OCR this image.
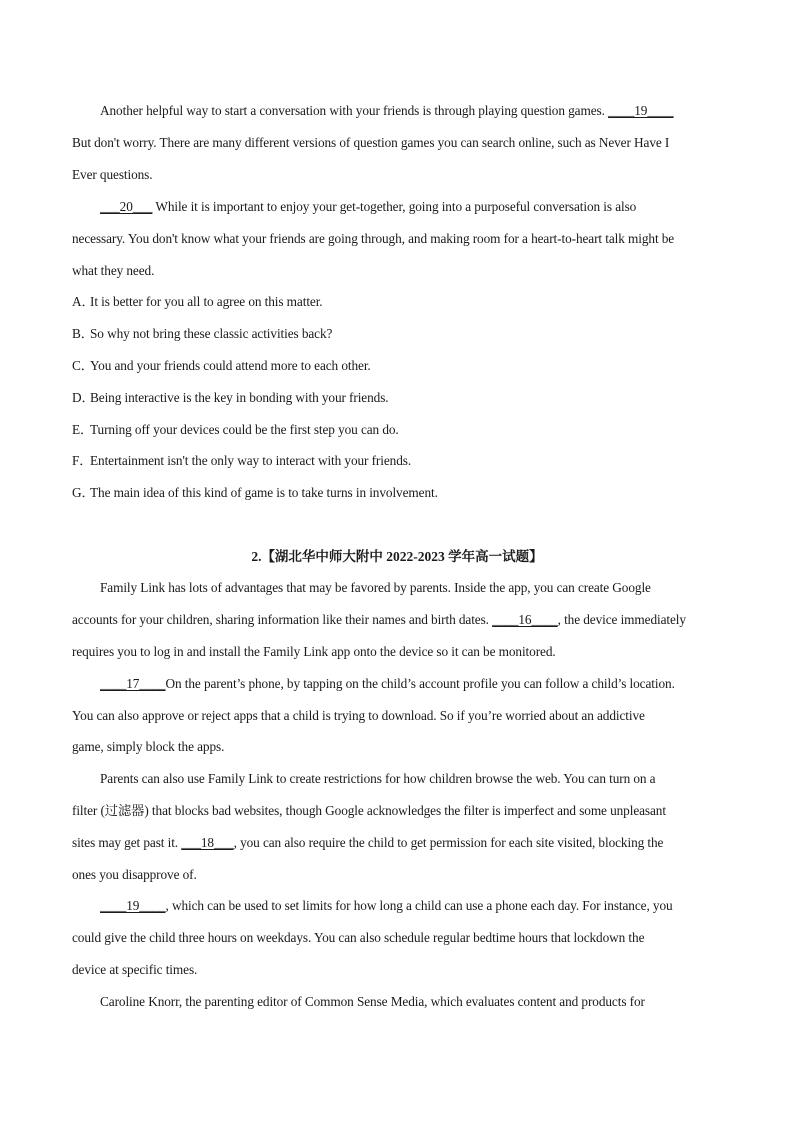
Another helpful way to start a conversation with your friends is through playing question games. ____19____
But don't worry. There are many different versions of question games you can search online, such as Never Have I
Ever questions.
___20___ While it is important to enjoy your get-together, going into a purposeful conversation is also
necessary. You don't know what your friends are going through, and making room for a heart-to-heart talk might be
what they need.
A．It is better for you all to agree on this matter.
B．So why not bring these classic activities back?
C．You and your friends could attend more to each other.
D．Being interactive is the key in bonding with your friends.
E．Turning off your devices could be the first step you can do.
F．Entertainment isn't the only way to interact with your friends.
G．The main idea of this kind of game is to take turns in involvement.
2.【湖北华中师大附中 2022-2023 学年高一试题】
Family Link has lots of advantages that may be favored by parents. Inside the app, you can create Google
accounts for your children, sharing information like their names and birth dates. ____16____, the device immediately
requires you to log in and install the Family Link app onto the device so it can be monitored.
____17____On the parent’s phone, by tapping on the child’s account profile you can follow a child’s location.
You can also approve or reject apps that a child is trying to download. So if you’re worried about an addictive
game, simply block the apps.
Parents can also use Family Link to create restrictions for how children browse the web. You can turn on a
filter (过滤器) that blocks bad websites, though Google acknowledges the filter is imperfect and some unpleasant
sites may get past it. ___18___, you can also require the child to get permission for each site visited, blocking the
ones you disapprove of.
____19____, which can be used to set limits for how long a child can use a phone each day. For instance, you
could give the child three hours on weekdays. You can also schedule regular bedtime hours that lockdown the
device at specific times.
Caroline Knorr, the parenting editor of Common Sense Media, which evaluates content and products for
